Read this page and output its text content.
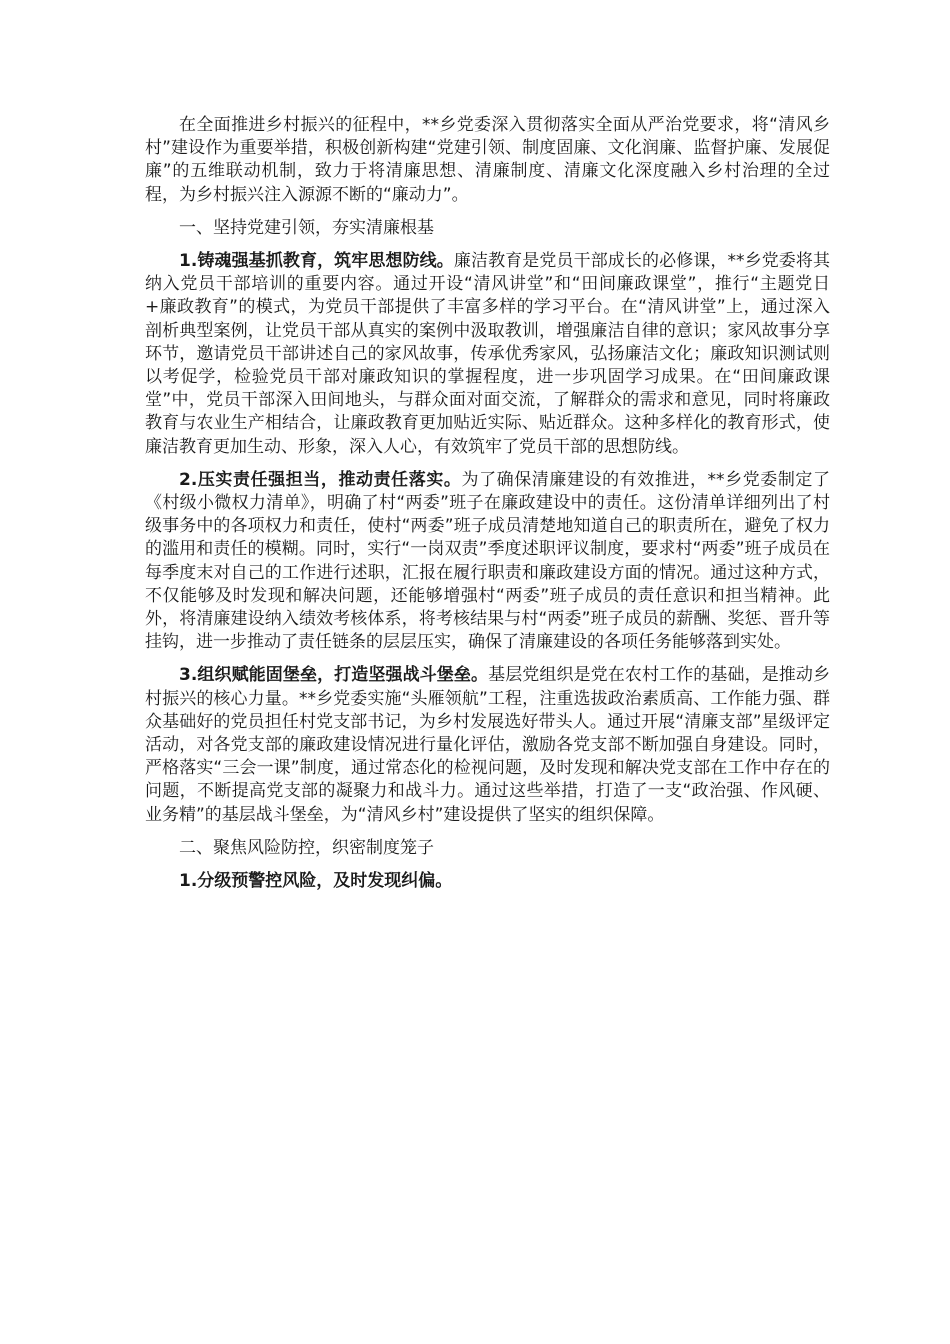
在全面推进乡村振兴的征程中，**乡党委深入贯彻落实全面从严治党要求，将“清风乡村”建设作为重要举措，积极创新构建“党建引领、制度固廉、文化润廉、监督护廉、发展促廉”的五维联动机制，致力于将清廉思想、清廉制度、清廉文化深度融入乡村治理的全过程，为乡村振兴注入源源不断的“廉动力”。

一、坚持党建引领，夯实清廉根基

1.铸魂强基抓教育，筑牢思想防线。廉洁教育是党员干部成长的必修课，**乡党委将其纳入党员干部培训的重要内容。通过开设“清风讲堂”和“田间廉政课堂”，推行“主题党日+廉政教育”的模式，为党员干部提供了丰富多样的学习平台。在“清风讲堂”上，通过深入剖析典型案例，让党员干部从真实的案例中汲取教训，增强廉洁自律的意识；家风故事分享环节，邀请党员干部讲述自己的家风故事，传承优秀家风，弘扬廉洁文化；廉政知识测试则以考促学，检验党员干部对廉政知识的掌握程度，进一步巩固学习成果。在“田间廉政课堂”中，党员干部深入田间地头，与群众面对面交流，了解群众的需求和意见，同时将廉政教育与农业生产相结合，让廉政教育更加贴近实际、贴近群众。这种多样化的教育形式，使廉洁教育更加生动、形象，深入人心，有效筑牢了党员干部的思想防线。

2.压实责任强担当，推动责任落实。为了确保清廉建设的有效推进，**乡党委制定了《村级小微权力清单》，明确了村“两委”班子在廉政建设中的责任。这份清单详细列出了村级事务中的各项权力和责任，使村“两委”班子成员清楚地知道自己的职责所在，避免了权力的滥用和责任的模糊。同时，实行“一岗双责”季度述职评议制度，要求村“两委”班子成员在每季度末对自己的工作进行述职，汇报在履行职责和廉政建设方面的情况。通过这种方式，不仅能够及时发现和解决问题，还能够增强村“两委”班子成员的责任意识和担当精神。此外，将清廉建设纳入绩效考核体系，将考核结果与村“两委”班子成员的薪酬、奖惩、晋升等挂钩，进一步推动了责任链条的层层压实，确保了清廉建设的各项任务能够落到实处。

3.组织赋能固堡垒，打造坚强战斗堡垒。基层党组织是党在农村工作的基础，是推动乡村振兴的核心力量。**乡党委实施“头雁领航”工程，注重选拔政治素质高、工作能力强、群众基础好的党员担任村党支部书记，为乡村发展选好带头人。通过开展“清廉支部”星级评定活动，对各党支部的廉政建设情况进行量化评估，激励各党支部不断加强自身建设。同时，严格落实“三会一课”制度，通过常态化的检视问题，及时发现和解决党支部在工作中存在的问题，不断提高党支部的凝聚力和战斗力。通过这些举措，打造了一支“政治强、作风硬、业务精”的基层战斗堡垒，为“清风乡村”建设提供了坚实的组织保障。

二、聚焦风险防控，织密制度笼子

1.分级预警控风险，及时发现纠偏。
